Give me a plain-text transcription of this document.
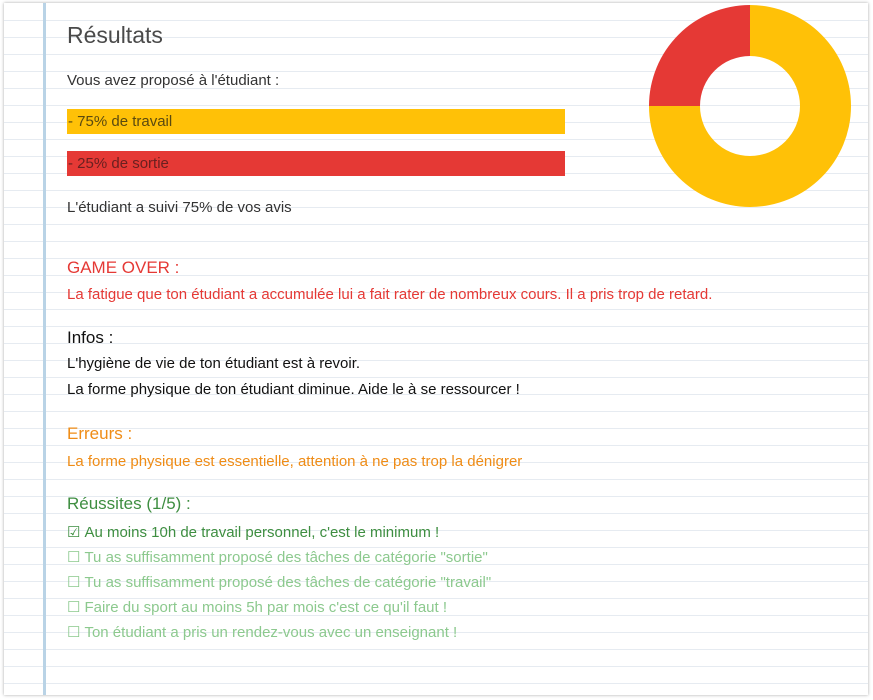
Résultats
Vous avez proposé à l'étudiant :
- 75% de travail
- 25% de sortie
L'étudiant a suivi 75% de vos avis
GAME OVER :
La fatigue que ton étudiant a accumulée lui a fait rater de nombreux cours. Il a pris trop de retard.
Infos :
L'hygiène de vie de ton étudiant est à revoir.
La forme physique de ton étudiant diminue. Aide le à se ressourcer !
Erreurs :
La forme physique est essentielle, attention à ne pas trop la dénigrer
Réussites (1/5) :
☑ Au moins 10h de travail personnel, c'est le minimum !
☐ Tu as suffisamment proposé des tâches de catégorie "sortie"
☐ Tu as suffisamment proposé des tâches de catégorie "travail"
☐ Faire du sport au moins 5h par mois c'est ce qu'il faut !
☐ Ton étudiant a pris un rendez-vous avec un enseignant !
